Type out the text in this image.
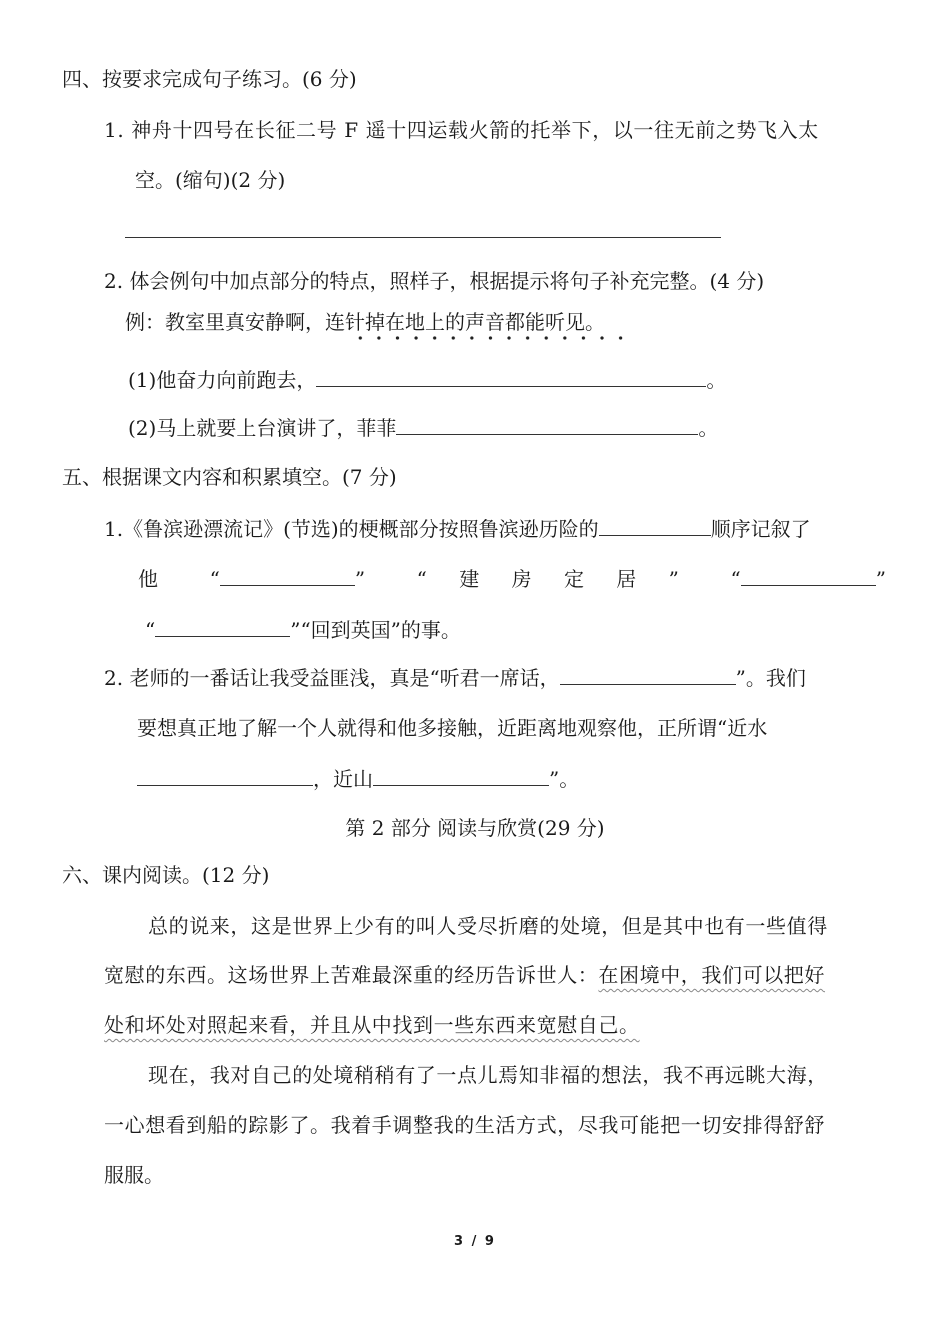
四、按要求完成句子练习。(6 分)
1. 神舟十四号在长征二号 F 遥十四运载火箭的托举下，以一往无前之势飞入太
空。(缩句)(2 分)
2. 体会例句中加点部分的特点，照样子，根据提示将句子补充完整。(4 分)
例：教室里真安静啊，连针掉在地上的声音都能听见。
(1)他奋力向前跑去，	。
(2)马上就要上台演讲了，菲菲	。
五、根据课文内容和积累填空。(7 分)
1.《鲁滨逊漂流记》(节选)的梗概部分按照鲁滨逊历险的	顺序记叙了
他	“	”	“ 建 房 定 居 ”	“	”
“	”“回到英国”的事。
2. 老师的一番话让我受益匪浅，真是“听君一席话，	”。我们
要想真正地了解一个人就得和他多接触，近距离地观察他，正所谓“近水
，近山	”。
第 2 部分 阅读与欣赏(29 分)
六、课内阅读。(12 分)
总的说来，这是世界上少有的叫人受尽折磨的处境，但是其中也有一些值得
宽慰的东西。这场世界上苦难最深重的经历告诉世人：在困境中，我们可以把好
处和坏处对照起来看，并且从中找到一些东西来宽慰自己。
现在，我对自己的处境稍稍有了一点儿焉知非福的想法，我不再远眺大海，
一心想看到船的踪影了。我着手调整我的生活方式，尽我可能把一切安排得舒舒
服服。
3 / 9
